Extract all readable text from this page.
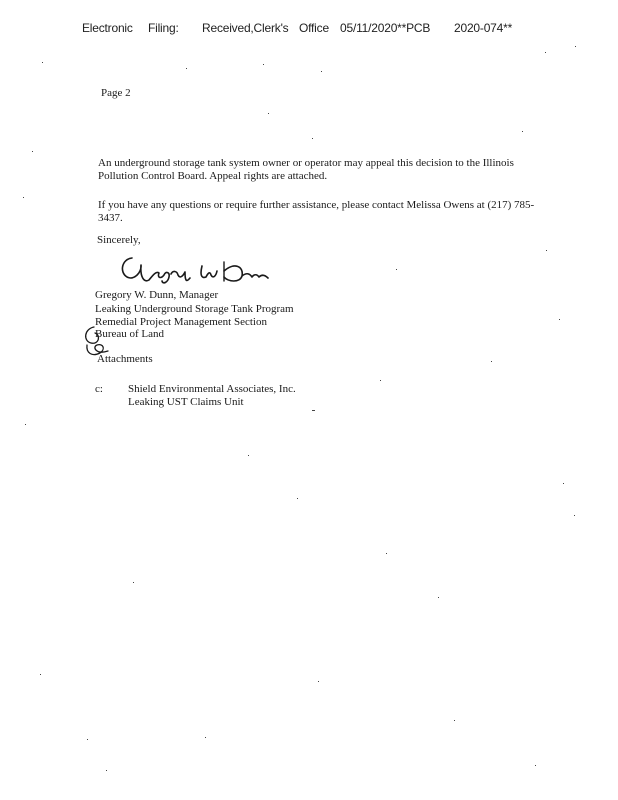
Electronic Filing: Received,Clerk's Office 05/11/2020**PCB 2020-074**
Page 2
An underground storage tank system owner or operator may appeal this decision to the Illinois Pollution Control Board. Appeal rights are attached.
If you have any questions or require further assistance, please contact Melissa Owens at (217) 785-3437.
Sincerely,
Gregory W. Dunn, Manager
Leaking Underground Storage Tank Program
Remedial Project Management Section
Bureau of Land
Attachments
c: Shield Environmental Associates, Inc.
Leaking UST Claims Unit
